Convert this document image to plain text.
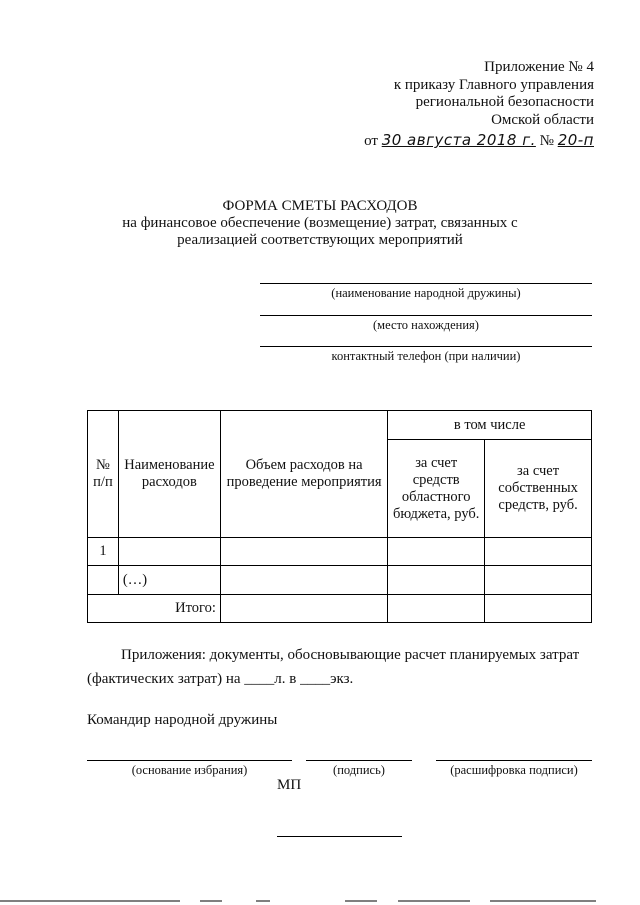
Приложение № 4
к приказу Главного управления
региональной безопасности
Омской области
от 30 августа 2018 г. № 20-п
ФОРМА СМЕТЫ РАСХОДОВ
на финансовое обеспечение (возмещение) затрат, связанных с
реализацией соответствующих мероприятий
(наименование народной дружины)
(место нахождения)
контактный телефон (при наличии)
№ п/п	Наименование расходов	Объем расходов на проведение мероприятия	в том числе	
			за счет средств областного бюджета, руб.	за счет собственных средств, руб.
1				
	(…)			
Итого:				
Приложения: документы, обосновывающие расчет планируемых затрат
(фактических затрат) на ____л. в ____экз.
Командир народной дружины
(основание избрания)	(подпись)	(расшифровка подписи)
МП
